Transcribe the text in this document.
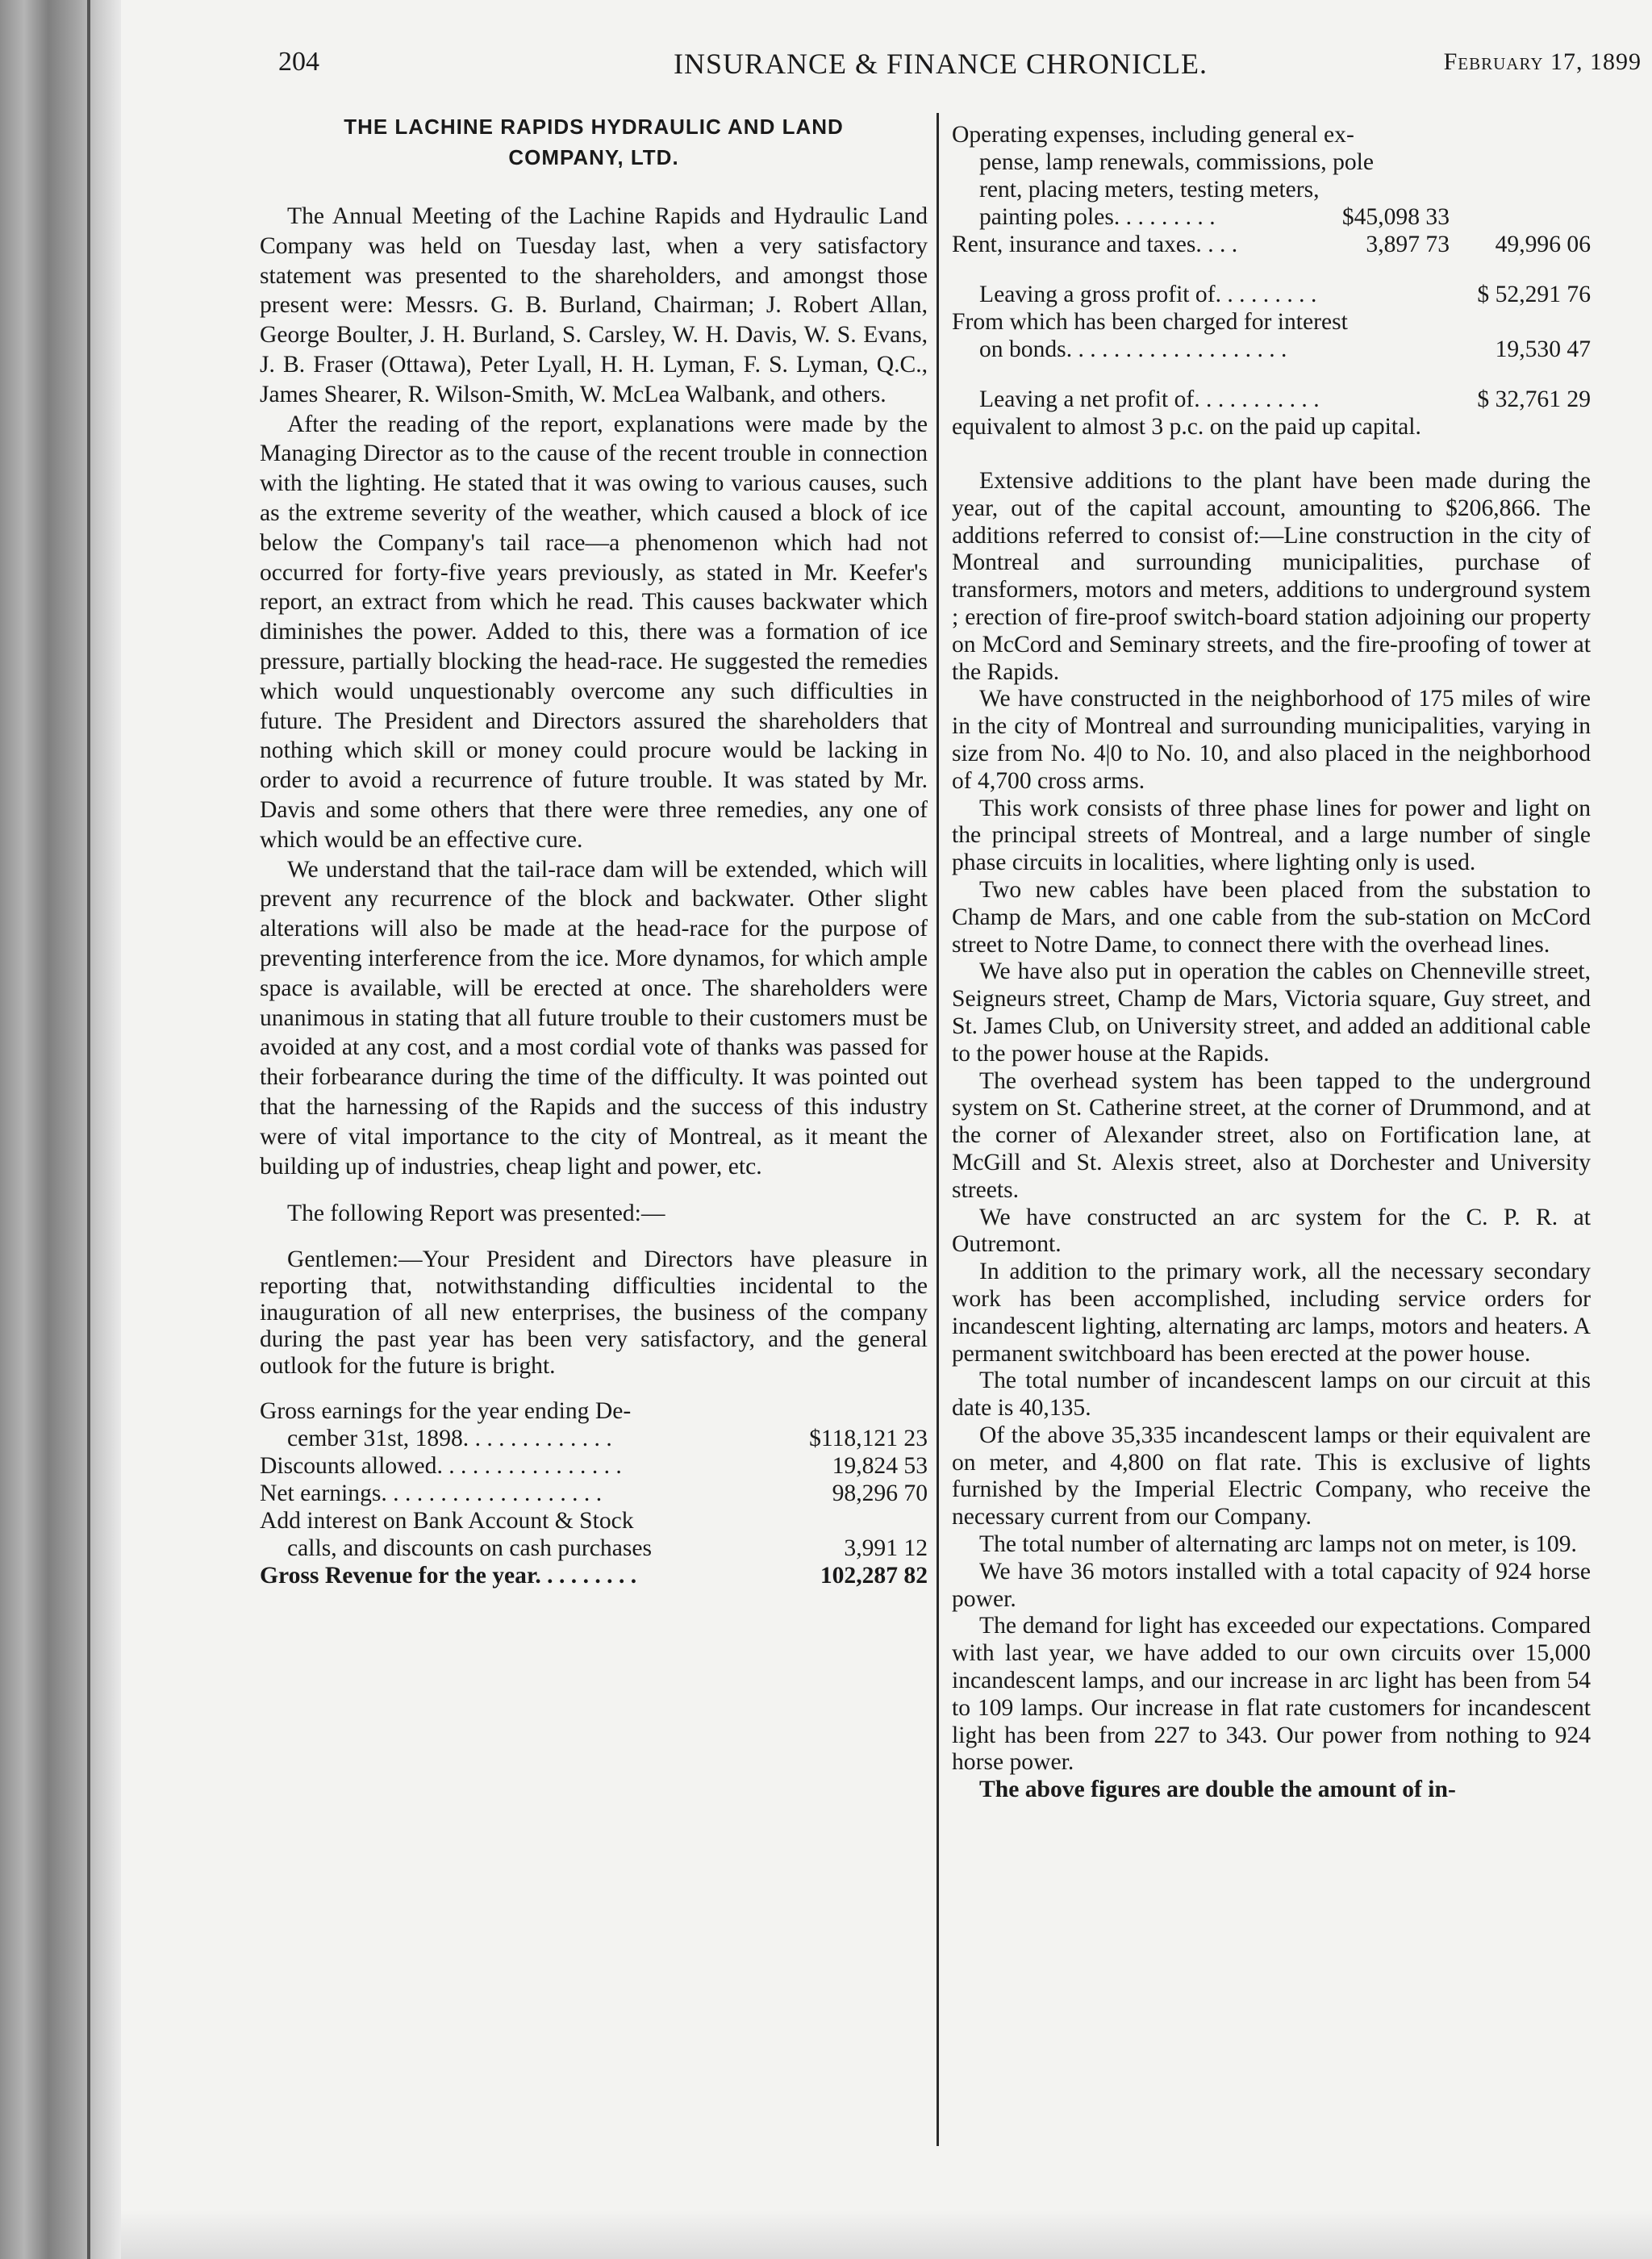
204	INSURANCE & FINANCE CHRONICLE.	February 17, 1899
THE LACHINE RAPIDS HYDRAULIC AND LAND
COMPANY, LTD.

The Annual Meeting of the Lachine Rapids and Hydraulic Land Company was held on Tuesday last, when a very satisfactory statement was presented to the shareholders, and amongst those present were: Messrs. G. B. Burland, Chairman; J. Robert Allan, George Boulter, J. H. Burland, S. Carsley, W. H. Davis, W. S. Evans, J. B. Fraser (Ottawa), Peter Lyall, H. H. Lyman, F. S. Lyman, Q.C., James Shearer, R. Wilson-Smith, W. McLea Walbank, and others.

After the reading of the report, explanations were made by the Managing Director as to the cause of the recent trouble in connection with the lighting. He stated that it was owing to various causes, such as the extreme severity of the weather, which caused a block of ice below the Company's tail race—a phenomenon which had not occurred for forty-five years previously, as stated in Mr. Keefer's report, an extract from which he read. This causes backwater which diminishes the power. Added to this, there was a formation of ice pressure, partially blocking the head-race. He suggested the remedies which would unquestionably overcome any such difficulties in future. The President and Directors assured the shareholders that nothing which skill or money could procure would be lacking in order to avoid a recurrence of future trouble. It was stated by Mr. Davis and some others that there were three remedies, any one of which would be an effective cure.

We understand that the tail-race dam will be extended, which will prevent any recurrence of the block and backwater. Other slight alterations will also be made at the head-race for the purpose of preventing interference from the ice. More dynamos, for which ample space is available, will be erected at once. The shareholders were unanimous in stating that all future trouble to their customers must be avoided at any cost, and a most cordial vote of thanks was passed for their forbearance during the time of the difficulty. It was pointed out that the harnessing of the Rapids and the success of this industry were of vital importance to the city of Montreal, as it meant the building up of industries, cheap light and power, etc.

The following Report was presented:—

Gentlemen:—Your President and Directors have pleasure in reporting that, notwithstanding difficulties incidental to the inauguration of all new enterprises, the business of the company during the past year has been very satisfactory, and the general outlook for the future is bright.

Gross earnings for the year ending De-
cember 31st, 1898. . . . . . . . . . . . .	$118,121 23
Discounts allowed. . . . . . . . . . . . . . . .	19,824 53
Net earnings. . . . . . . . . . . . . . . . . . .	98,296 70
Add interest on Bank Account & Stock
calls, and discounts on cash purchases	3,991 12
Gross Revenue for the year. . . . . . . . .	102,287 82
Operating expenses, including general ex-
pense, lamp renewals, commissions, pole
rent, placing meters, testing meters,
painting poles. . . . . . . . .	$45,098 33
Rent, insurance and taxes. . . .	3,897 73	49,996 06
Leaving a gross profit of. . . . . . . . .	$ 52,291 76
From which has been charged for interest
on bonds. . . . . . . . . . . . . . . . . . .	19,530 47
Leaving a net profit of. . . . . . . . . . .	$ 32,761 29
equivalent to almost 3 p.c. on the paid up capital.

Extensive additions to the plant have been made during the year, out of the capital account, amounting to $206,866. The additions referred to consist of:—Line construction in the city of Montreal and surrounding municipalities, purchase of transformers, motors and meters, additions to underground system ; erection of fire-proof switch-board station adjoining our property on McCord and Seminary streets, and the fire-proofing of tower at the Rapids.

We have constructed in the neighborhood of 175 miles of wire in the city of Montreal and surrounding municipalities, varying in size from No. 4|0 to No. 10, and also placed in the neighborhood of 4,700 cross arms.

This work consists of three phase lines for power and light on the principal streets of Montreal, and a large number of single phase circuits in localities, where lighting only is used.

Two new cables have been placed from the substation to Champ de Mars, and one cable from the sub-station on McCord street to Notre Dame, to connect there with the overhead lines.

We have also put in operation the cables on Chenneville street, Seigneurs street, Champ de Mars, Victoria square, Guy street, and St. James Club, on University street, and added an additional cable to the power house at the Rapids.

The overhead system has been tapped to the underground system on St. Catherine street, at the corner of Drummond, and at the corner of Alexander street, also on Fortification lane, at McGill and St. Alexis street, also at Dorchester and University streets.

We have constructed an arc system for the C. P. R. at Outremont.

In addition to the primary work, all the necessary secondary work has been accomplished, including service orders for incandescent lighting, alternating arc lamps, motors and heaters. A permanent switchboard has been erected at the power house.

The total number of incandescent lamps on our circuit at this date is 40,135.

Of the above 35,335 incandescent lamps or their equivalent are on meter, and 4,800 on flat rate. This is exclusive of lights furnished by the Imperial Electric Company, who receive the necessary current from our Company.

The total number of alternating arc lamps not on meter, is 109.

We have 36 motors installed with a total capacity of 924 horse power.

The demand for light has exceeded our expectations. Compared with last year, we have added to our own circuits over 15,000 incandescent lamps, and our increase in arc light has been from 54 to 109 lamps. Our increase in flat rate customers for incandescent light has been from 227 to 343. Our power from nothing to 924 horse power.

The above figures are double the amount of in-
